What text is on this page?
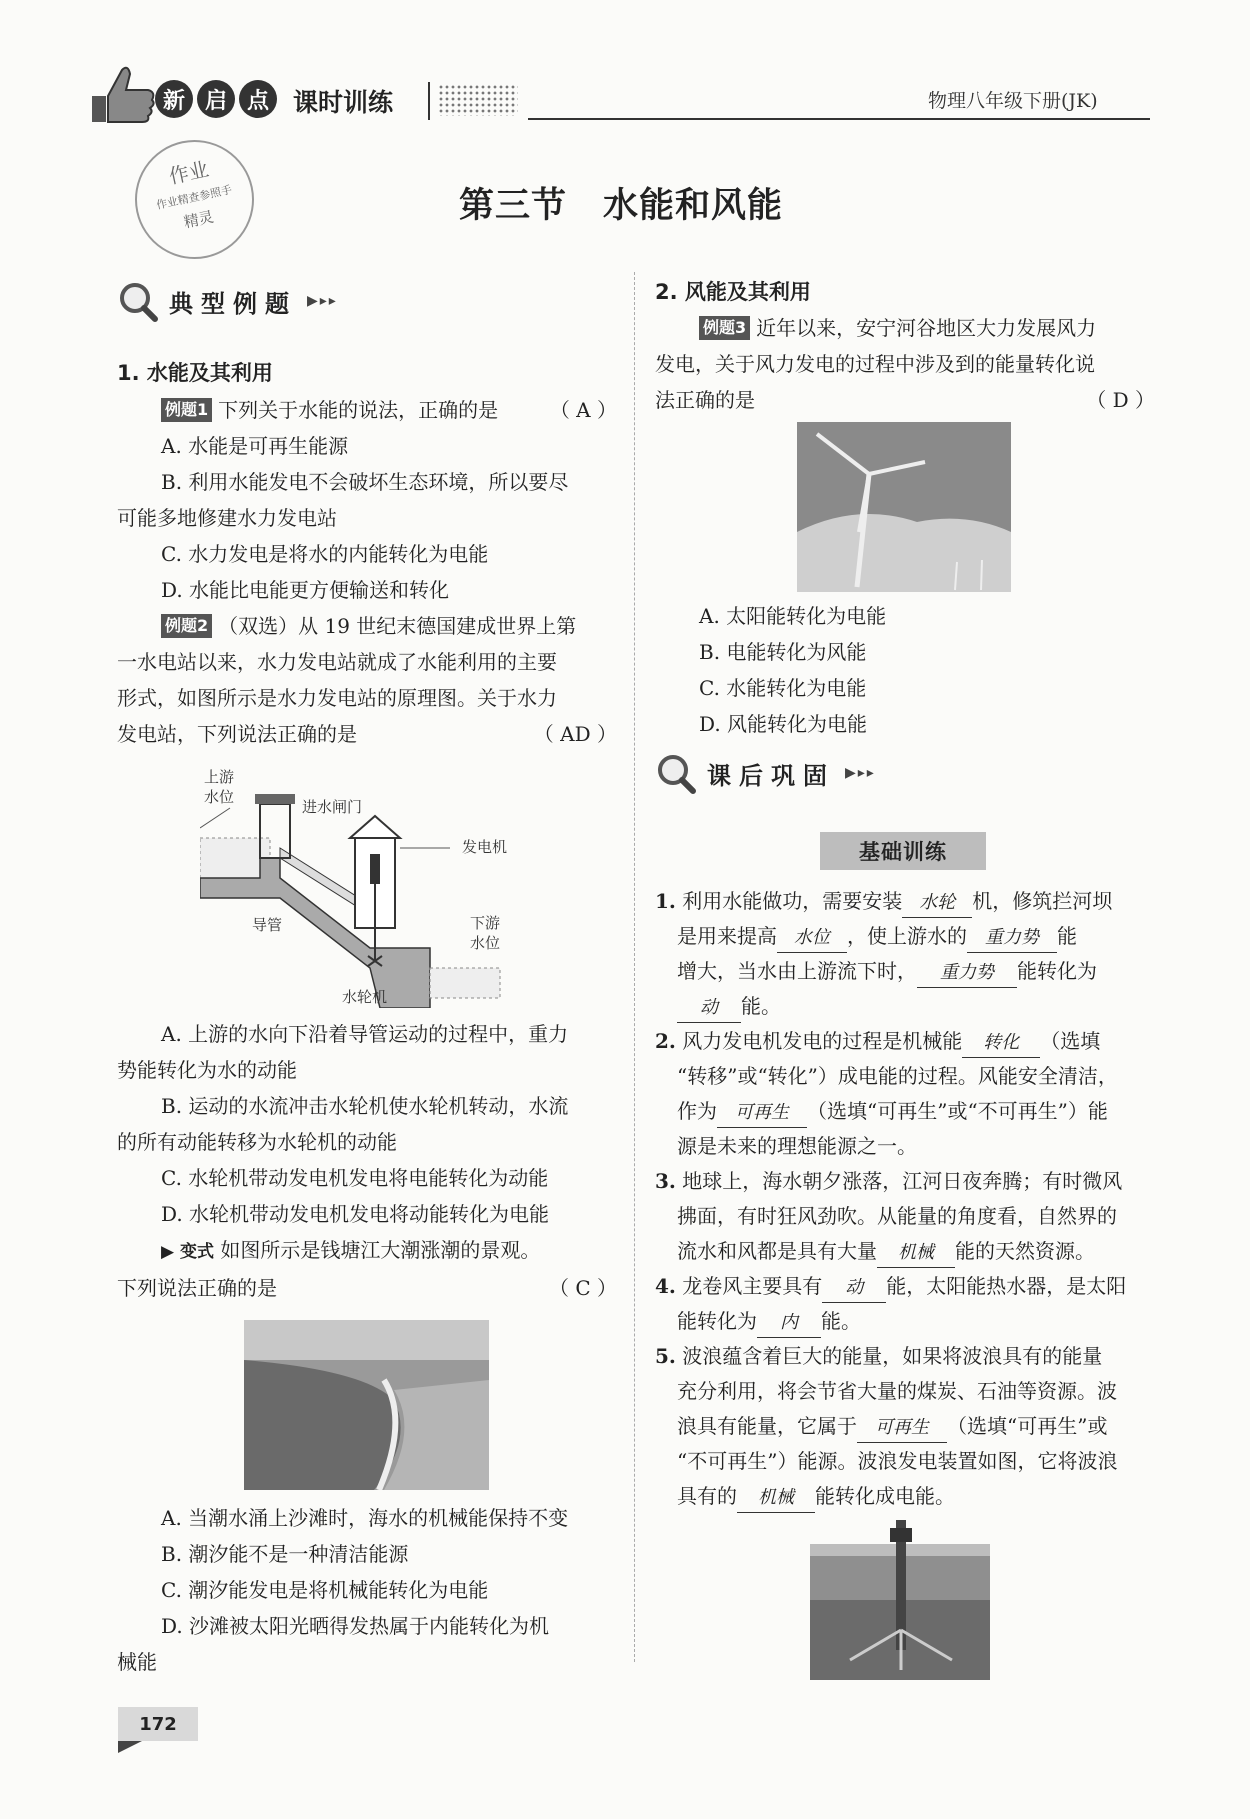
新 启 点 课时训练	物理八年级下册(JK)
作业
作业精查参照手
精灵	第三节　水能和风能
典型例题 ▶▸▸
1. 水能及其利用
例题1 下列关于水能的说法，正确的是	（ A ）
A. 水能是可再生能源
B. 利用水能发电不会破坏生态环境，所以要尽
可能多地修建水力发电站
C. 水力发电是将水的内能转化为电能
D. 水能比电能更方便输送和转化
例题2 （双选）从 19 世纪末德国建成世界上第
一水电站以来，水力发电站就成了水能利用的主要
形式，如图所示是水力发电站的原理图。关于水力
发电站，下列说法正确的是	（ AD ）
上游
水位
进水闸门
发电机
导管	下游
水位
水轮机
A. 上游的水向下沿着导管运动的过程中，重力
势能转化为水的动能
B. 运动的水流冲击水轮机使水轮机转动，水流
的所有动能转移为水轮机的动能
C. 水轮机带动发电机发电将电能转化为动能
D. 水轮机带动发电机发电将动能转化为电能
▶ 变式 如图所示是钱塘江大潮涨潮的景观。
下列说法正确的是	（ C ）
A. 当潮水涌上沙滩时，海水的机械能保持不变
B. 潮汐能不是一种清洁能源
C. 潮汐能发电是将机械能转化为电能
D. 沙滩被太阳光晒得发热属于内能转化为机
械能
2. 风能及其利用
例题3 近年以来，安宁河谷地区大力发展风力
发电，关于风力发电的过程中涉及到的能量转化说
法正确的是	（ D ）
A. 太阳能转化为电能
B. 电能转化为风能
C. 水能转化为电能
D. 风能转化为电能
课后巩固 ▶▸▸
基础训练
1. 利用水能做功，需要安装 水轮 机，修筑拦河坝
是用来提高 水位 ，使上游水的 重力势 能
增大，当水由上游流下时， 重力势 能转化为
动 能。
2. 风力发电机发电的过程是机械能 转化 （选填
“转移”或“转化”）成电能的过程。风能安全清洁，
作为 可再生 （选填“可再生”或“不可再生”）能
源是未来的理想能源之一。
3. 地球上，海水朝夕涨落，江河日夜奔腾；有时微风
拂面，有时狂风劲吹。从能量的角度看，自然界的
流水和风都是具有大量 机械 能的天然资源。
4. 龙卷风主要具有 动 能，太阳能热水器，是太阳
能转化为 内 能。
5. 波浪蕴含着巨大的能量，如果将波浪具有的能量
充分利用，将会节省大量的煤炭、石油等资源。波
浪具有能量，它属于 可再生 （选填“可再生”或
“不可再生”）能源。波浪发电装置如图，它将波浪
具有的 机械 能转化成电能。
172
